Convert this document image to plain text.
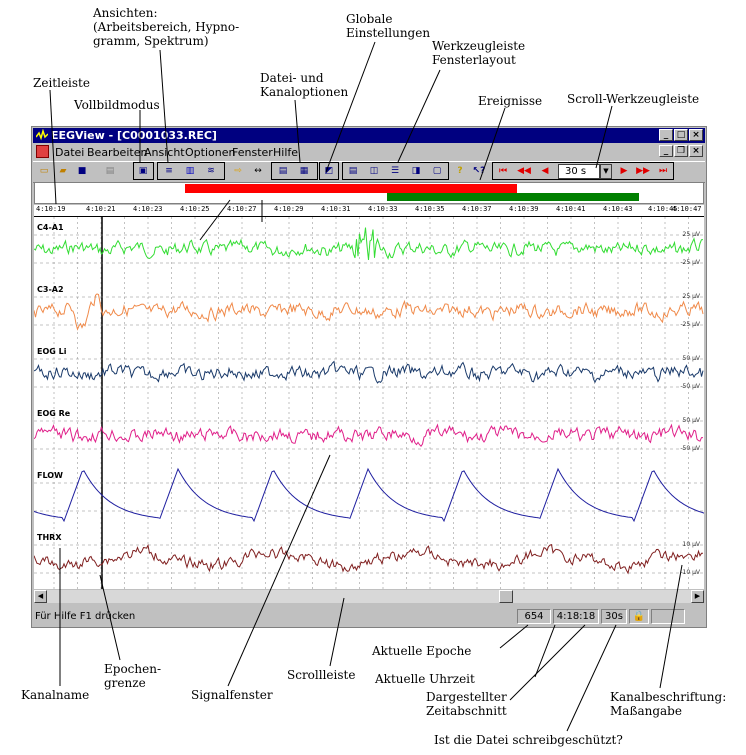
Ansichten:
(Arbeitsbereich, Hypno-
gramm, Spektrum)
Globale
Einstellungen
Werkzeugleiste
Fensterlayout
Zeitleiste
Vollbildmodus
Datei- und
Kanaloptionen
Ereignisse Scroll-Werkzeugleiste
Aktuelle Epoche
Epochen-
grenze	Aktuelle Uhrzeit
Scrollleiste
Kanalname	Signalfenster	Dargestellter
Zeitabschnitt
Kanalbeschriftung:
Maßangabe
Ist die Datei schreibgeschützt?
EEGView - [C0001033.REC]	_ □ ×
Datei Bearbeiten
Ansicht Optionen
Fenster Hilfe	_ ❐ ×
▭	▰	■	▤	▣	≡	▥	≋	⇨	↔	▤	▦	◩	▤	◫	☰	◨	▢	?	↖?	⏮	◀◀	◀	30 s	▼	▶ ▶▶	⏭
4:10:19	4:10:21 4:10:23 4:10:25 4:10:27 4:10:29 4:10:31 4:10:33 4:10:35 4:10:37 4:10:39 4:10:41 4:10:43 4:10:45
4:10:47
C4-A1
25 µV
-25 µV
C3-A2
25 µV
-25 µV
EOG Li
50 µV
-50 µV
EOG Re
50 µV
-50 µV
FLOW
THRX
10 µV
-10 µV
◀	▶
Für Hilfe F1 drücken	654	4:18:18 30s 🔒
